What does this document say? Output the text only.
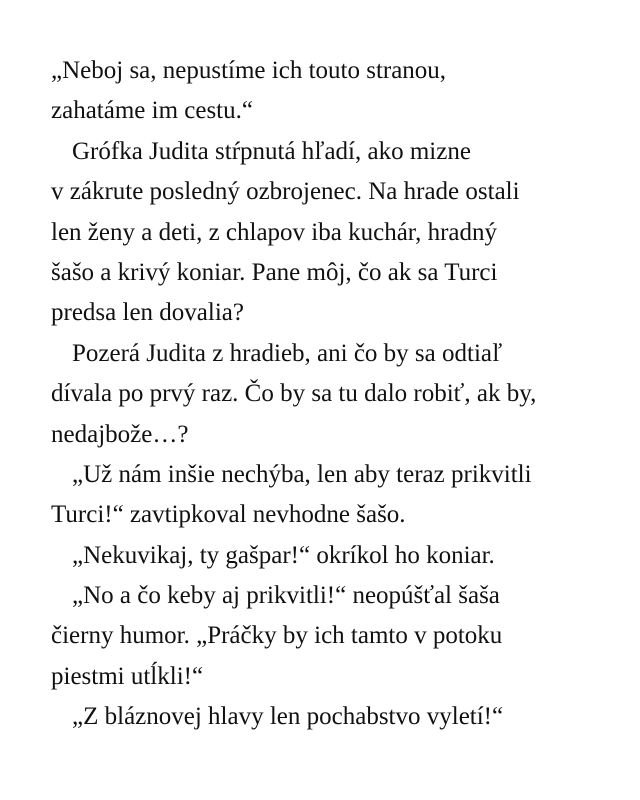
„Neboj sa, nepustíme ich touto stranou,
zahatáme im cestu.“
Grófka Judita stŕpnutá hľadí, ako mizne
v zákrute posledný ozbrojenec. Na hrade ostali
len ženy a deti, z chlapov iba kuchár, hradný
šašo a krivý koniar. Pane môj, čo ak sa Turci
predsa len dovalia?
Pozerá Judita z hradieb, ani čo by sa odtiaľ
dívala po prvý raz. Čo by sa tu dalo robiť, ak by,
nedajbože…?
„Už nám inšie nechýba, len aby teraz prikvitli
Turci!“ zavtipkoval nevhodne šašo.
„Nekuvikaj, ty gašpar!“ okríkol ho koniar.
„No a čo keby aj prikvitli!“ neopúšťal šaša
čierny humor. „Práčky by ich tamto v potoku
piestmi utĺkli!“
„Z bláznovej hlavy len pochabstvo vyletí!“
